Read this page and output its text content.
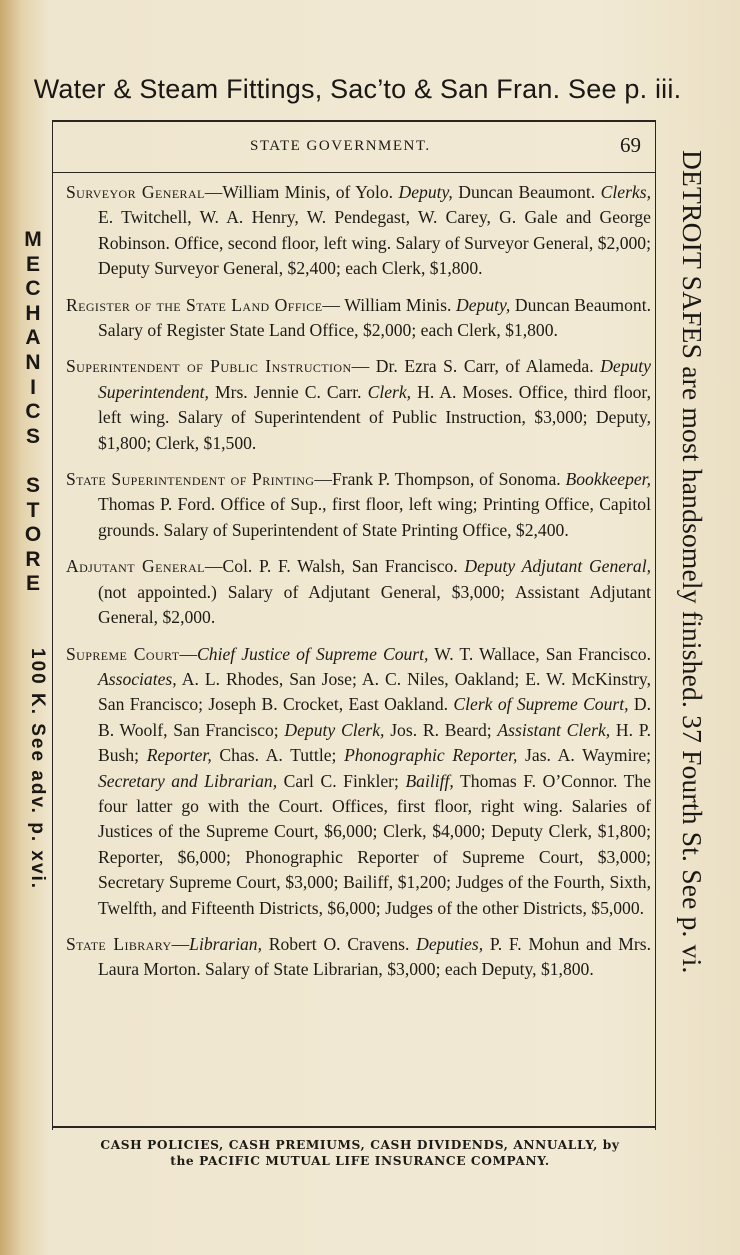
Water & Steam Fittings, Sac’to & San Fran. See p. iii.
STATE GOVERNMENT.	69
M
E
C
H
A
N
I
C
S

S
T
O
R
E
100 K. See adv. p. xvi.	DETROIT SAFES are most handsomely finished. 37 Fourth St. See p. vi.

Surveyor General—William Minis, of Yolo. Deputy, Duncan Beaumont. Clerks, E. Twitchell, W. A. Henry, W. Pendegast, W. Carey, G. Gale and George Robinson. Office, second floor, left wing. Salary of Surveyor General, $2,000; Deputy Surveyor General, $2,400; each Clerk, $1,800.

Register of the State Land Office— William Minis. Deputy, Duncan Beaumont. Salary of Register State Land Office, $2,000; each Clerk, $1,800.

Superintendent of Public Instruction— Dr. Ezra S. Carr, of Alameda. Deputy Superintendent, Mrs. Jennie C. Carr. Clerk, H. A. Moses. Office, third floor, left wing. Salary of Superintendent of Public Instruction, $3,000; Deputy, $1,800; Clerk, $1,500.

State Superintendent of Printing—Frank P. Thompson, of Sonoma. Bookkeeper, Thomas P. Ford. Office of Sup., first floor, left wing; Printing Office, Capitol grounds. Salary of Superintendent of State Printing Office, $2,400.

Adjutant General—Col. P. F. Walsh, San Francisco. Deputy Adjutant General, (not appointed.) Salary of Adjutant General, $3,000; Assistant Adjutant General, $2,000.

Supreme Court—Chief Justice of Supreme Court, W. T. Wallace, San Francisco. Associates, A. L. Rhodes, San Jose; A. C. Niles, Oakland; E. W. McKinstry, San Francisco; Joseph B. Crocket, East Oakland. Clerk of Supreme Court, D. B. Woolf, San Francisco; Deputy Clerk, Jos. R. Beard; Assistant Clerk, H. P. Bush; Reporter, Chas. A. Tuttle; Phonographic Reporter, Jas. A. Waymire; Secretary and Librarian, Carl C. Finkler; Bailiff, Thomas F. O’Connor. The four latter go with the Court. Offices, first floor, right wing. Salaries of Justices of the Supreme Court, $6,000; Clerk, $4,000; Deputy Clerk, $1,800; Reporter, $6,000; Phonographic Reporter of Supreme Court, $3,000; Secretary Supreme Court, $3,000; Bailiff, $1,200; Judges of the Fourth, Sixth, Twelfth, and Fifteenth Districts, $6,000; Judges of the other Districts, $5,000.

State Library—Librarian, Robert O. Cravens. Deputies, P. F. Mohun and Mrs. Laura Morton. Salary of State Librarian, $3,000; each Deputy, $1,800.

CASH POLICIES, CASH PREMIUMS, CASH DIVIDENDS, ANNUALLY, by
the PACIFIC MUTUAL LIFE INSURANCE COMPANY.
